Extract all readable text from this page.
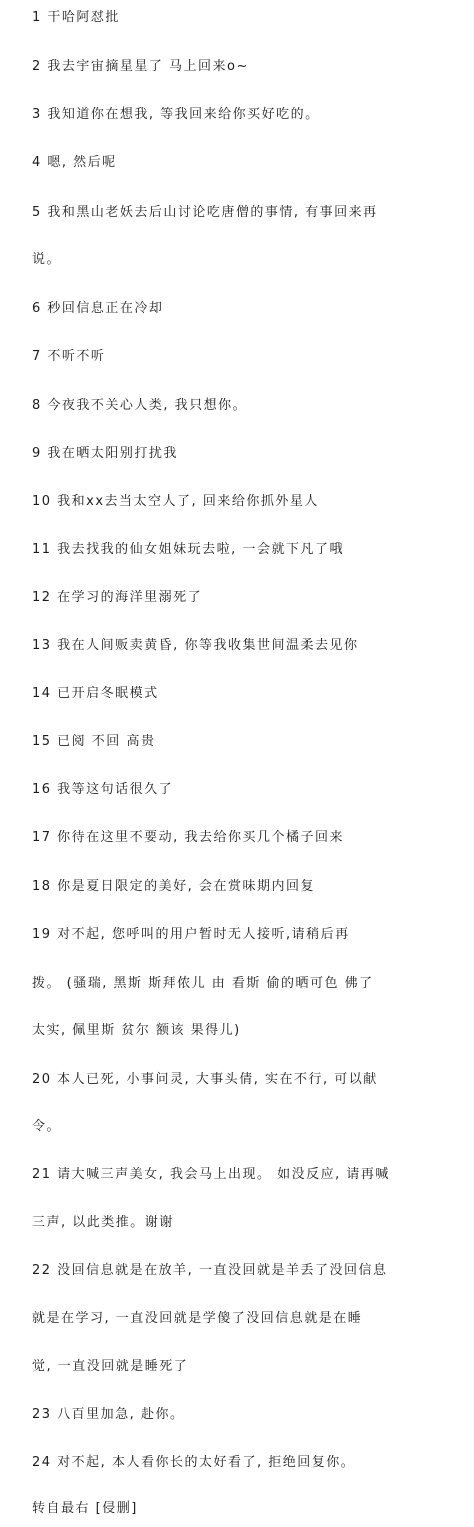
1 干哈阿怼批
2 我去宇宙摘星星了 马上回来o~
3 我知道你在想我, 等我回来给你买好吃的。
4 嗯, 然后呢
5 我和黑山老妖去后山讨论吃唐僧的事情, 有事回来再
说。
6 秒回信息正在冷却
7 不听不听
8 今夜我不关心人类, 我只想你。
9 我在晒太阳别打扰我
10 我和xx去当太空人了, 回来给你抓外星人
11 我去找我的仙女姐妹玩去啦, 一会就下凡了哦
12 在学习的海洋里溺死了
13 我在人间贩卖黄昏, 你等我收集世间温柔去见你
14 已开启冬眠模式
15 已阅 不回 高贵
16 我等这句话很久了
17 你待在这里不要动, 我去给你买几个橘子回来
18 你是夏日限定的美好, 会在赏味期内回复
19 对不起, 您呼叫的用户暂时无人接听,请稍后再
拨。 (骚瑞, 黑斯 斯拜侬儿 由 看斯 偷的晒可色 佛了
太实, 佩里斯 贫尔 额该 果得儿)
20 本人已死, 小事问灵, 大事头倩, 实在不行, 可以献
令。
21 请大喊三声美女, 我会马上出现。 如没反应, 请再喊
三声, 以此类推。谢谢
22 没回信息就是在放羊, 一直没回就是羊丢了没回信息
就是在学习, 一直没回就是学傻了没回信息就是在睡
觉, 一直没回就是睡死了
23 八百里加急, 赴你。
24 对不起, 本人看你长的太好看了, 拒绝回复你。
转自最右 [侵删]
